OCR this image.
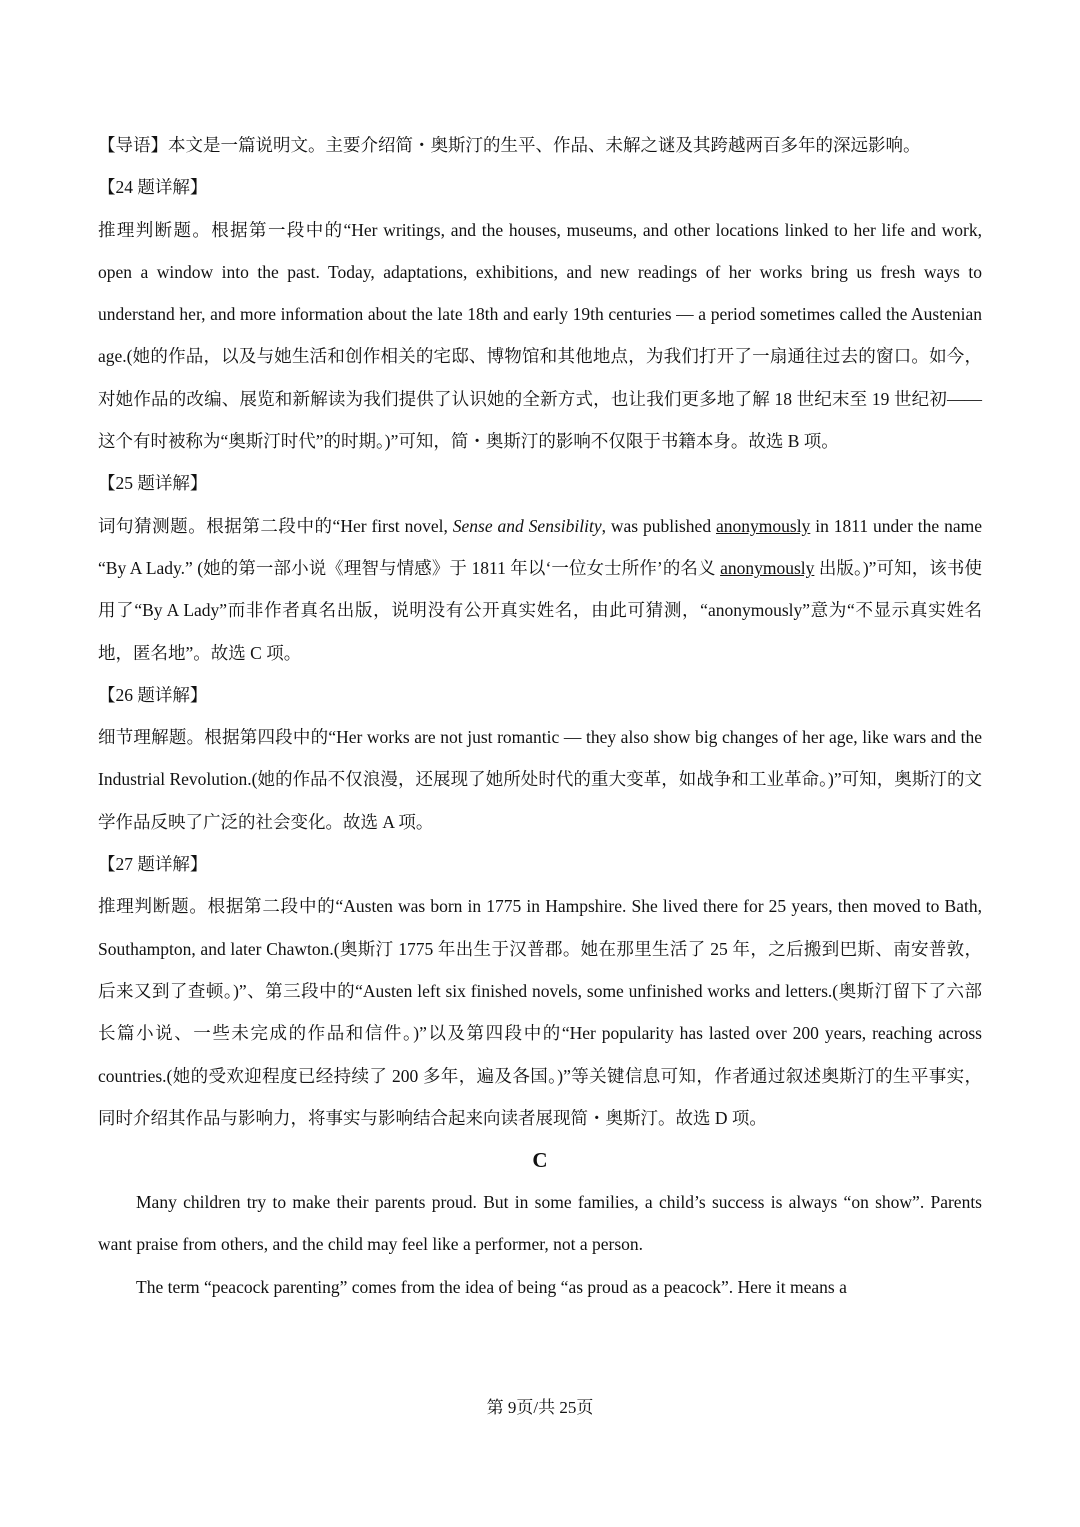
【导语】本文是一篇说明文。主要介绍简・奥斯汀的生平、作品、未解之谜及其跨越两百多年的深远影响。

【24 题详解】

推理判断题。根据第一段中的“Her writings, and the houses, museums, and other locations linked to her life and work, open a window into the past. Today, adaptations, exhibitions, and new readings of her works bring us fresh ways to understand her, and more information about the late 18th and early 19th centuries — a period sometimes called the Austenian age.(她的作品，以及与她生活和创作相关的宅邸、博物馆和其他地点，为我们打开了一扇通往过去的窗口。如今，对她作品的改编、展览和新解读为我们提供了认识她的全新方式，也让我们更多地了解 18 世纪末至 19 世纪初——这个有时被称为“奥斯汀时代”的时期。)”可知，简・奥斯汀的影响不仅限于书籍本身。故选 B 项。

【25 题详解】

词句猜测题。根据第二段中的“Her first novel, Sense and Sensibility, was published anonymously in 1811 under the name “By A Lady.” (她的第一部小说《理智与情感》于 1811 年以‘一位女士所作’的名义 anonymously 出版。)”可知，该书使用了“By A Lady”而非作者真名出版，说明没有公开真实姓名，由此可猜测，“anonymously”意为“不显示真实姓名地，匿名地”。故选 C 项。

【26 题详解】

细节理解题。根据第四段中的“Her works are not just romantic — they also show big changes of her age, like wars and the Industrial Revolution.(她的作品不仅浪漫，还展现了她所处时代的重大变革，如战争和工业革命。)”可知，奥斯汀的文学作品反映了广泛的社会变化。故选 A 项。

【27 题详解】

推理判断题。根据第二段中的“Austen was born in 1775 in Hampshire. She lived there for 25 years, then moved to Bath, Southampton, and later Chawton.(奥斯汀 1775 年出生于汉普郡。她在那里生活了 25 年，之后搬到巴斯、南安普敦，后来又到了查顿。)”、第三段中的“Austen left six finished novels, some unfinished works and letters.(奥斯汀留下了六部长篇小说、一些未完成的作品和信件。)”以及第四段中的“Her popularity has lasted over 200 years, reaching across countries.(她的受欢迎程度已经持续了 200 多年，遍及各国。)”等关键信息可知，作者通过叙述奥斯汀的生平事实，同时介绍其作品与影响力，将事实与影响结合起来向读者展现简・奥斯汀。故选 D 项。

C

Many children try to make their parents proud. But in some families, a child’s success is always “on show”. Parents want praise from others, and the child may feel like a performer, not a person.

The term “peacock parenting” comes from the idea of being “as proud as a peacock”. Here it means a

第 9页/共 25页
